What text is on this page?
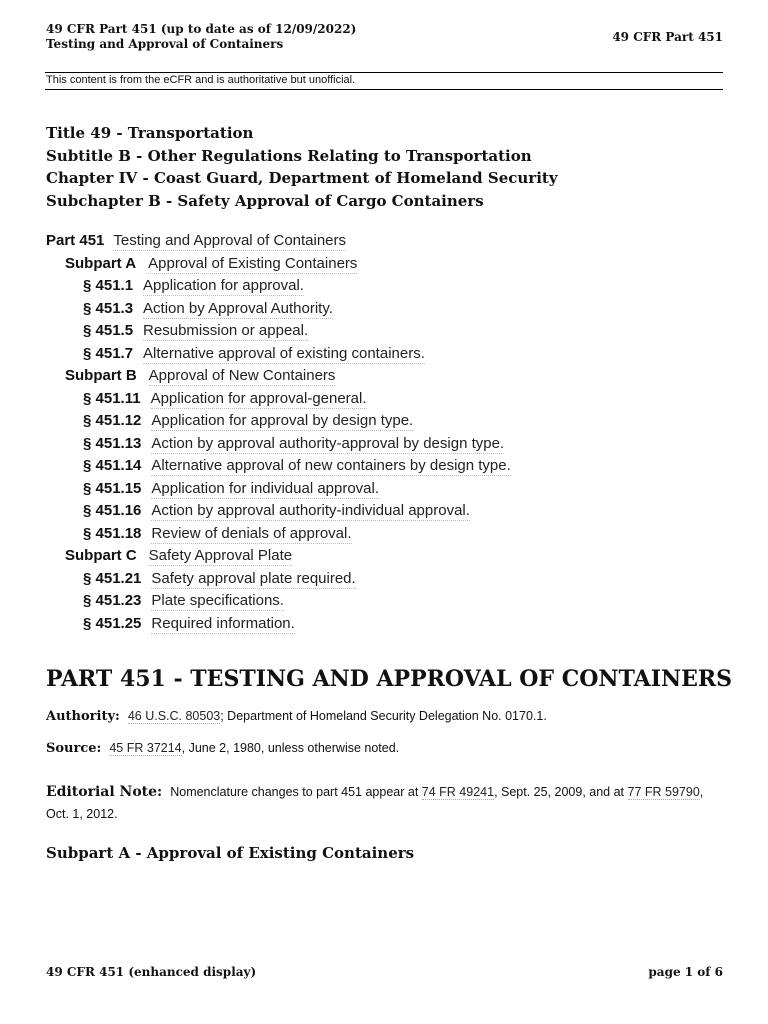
49 CFR Part 451 (up to date as of 12/09/2022)
Testing and Approval of Containers	49 CFR Part 451
This content is from the eCFR and is authoritative but unofficial.
Title 49 - Transportation
Subtitle B - Other Regulations Relating to Transportation
Chapter IV - Coast Guard, Department of Homeland Security
Subchapter B - Safety Approval of Cargo Containers
Part 451 Testing and Approval of Containers
Subpart A Approval of Existing Containers
§ 451.1 Application for approval.
§ 451.3 Action by Approval Authority.
§ 451.5 Resubmission or appeal.
§ 451.7 Alternative approval of existing containers.
Subpart B Approval of New Containers
§ 451.11 Application for approval-general.
§ 451.12 Application for approval by design type.
§ 451.13 Action by approval authority-approval by design type.
§ 451.14 Alternative approval of new containers by design type.
§ 451.15 Application for individual approval.
§ 451.16 Action by approval authority-individual approval.
§ 451.18 Review of denials of approval.
Subpart C Safety Approval Plate
§ 451.21 Safety approval plate required.
§ 451.23 Plate specifications.
§ 451.25 Required information.
PART 451 - TESTING AND APPROVAL OF CONTAINERS
Authority: 46 U.S.C. 80503; Department of Homeland Security Delegation No. 0170.1.
Source: 45 FR 37214, June 2, 1980, unless otherwise noted.
Editorial Note: Nomenclature changes to part 451 appear at 74 FR 49241, Sept. 25, 2009, and at 77 FR 59790, Oct. 1, 2012.
Subpart A - Approval of Existing Containers
49 CFR 451 (enhanced display)	page 1 of 6
